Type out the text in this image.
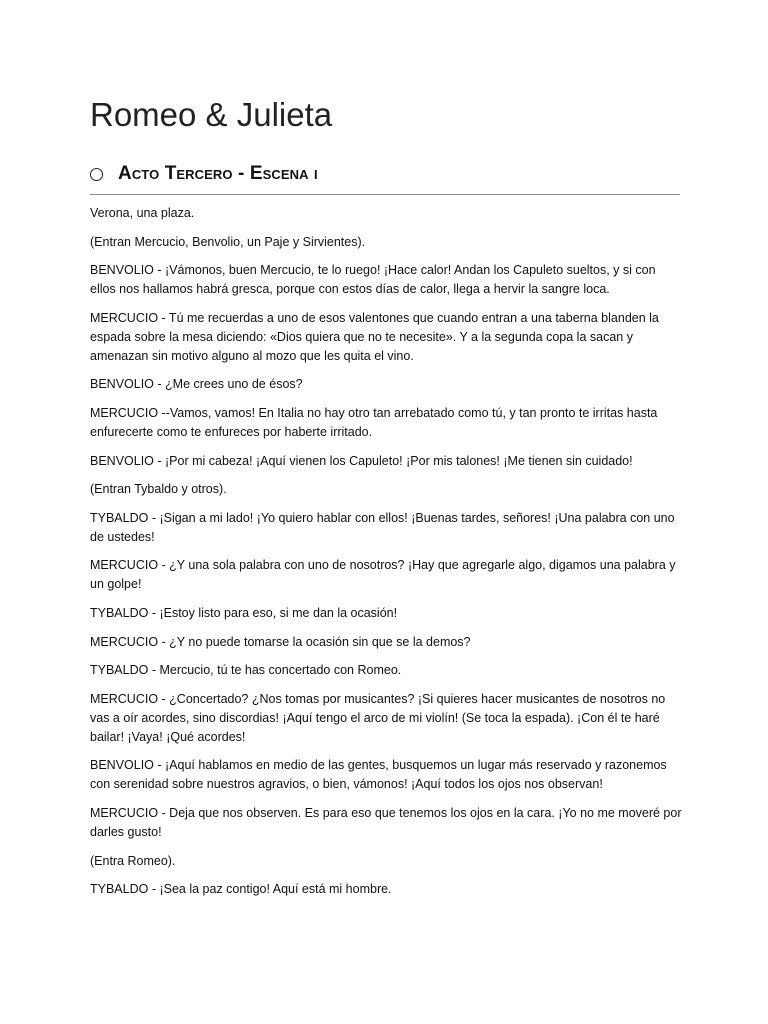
Romeo & Julieta
Acto Tercero - Escena i

Verona, una plaza.

(Entran Mercucio, Benvolio, un Paje y Sirvientes).

BENVOLIO - ¡Vámonos, buen Mercucio, te lo ruego! ¡Hace calor! Andan los Capuleto sueltos, y si con ellos nos hallamos habrá gresca, porque con estos días de calor, llega a hervir la sangre loca.

MERCUCIO - Tú me recuerdas a uno de esos valentones que cuando entran a una taberna blanden la espada sobre la mesa diciendo: «Dios quiera que no te necesite». Y a la segunda copa la sacan y amenazan sin motivo alguno al mozo que les quita el vino.

BENVOLIO - ¿Me crees uno de ésos?

MERCUCIO --Vamos, vamos! En Italia no hay otro tan arrebatado como tú, y tan pronto te irritas hasta enfurecerte como te enfureces por haberte irritado.

BENVOLIO - ¡Por mi cabeza! ¡Aquí vienen los Capuleto! ¡Por mis talones! ¡Me tienen sin cuidado!

(Entran Tybaldo y otros).

TYBALDO - ¡Sigan a mi lado! ¡Yo quiero hablar con ellos! ¡Buenas tardes, señores! ¡Una palabra con uno de ustedes!

MERCUCIO - ¿Y una sola palabra con uno de nosotros? ¡Hay que agregarle algo, digamos una palabra y un golpe!

TYBALDO - ¡Estoy listo para eso, si me dan la ocasión!

MERCUCIO - ¿Y no puede tomarse la ocasión sin que se la demos?

TYBALDO - Mercucio, tú te has concertado con Romeo.

MERCUCIO - ¿Concertado? ¿Nos tomas por musicantes? ¡Si quieres hacer musicantes de nosotros no vas a oír acordes, sino discordias! ¡Aquí tengo el arco de mi violín! (Se toca la espada). ¡Con él te haré bailar! ¡Vaya! ¡Qué acordes!

BENVOLIO - ¡Aquí hablamos en medio de las gentes, busquemos un lugar más reservado y razonemos con serenidad sobre nuestros agravios, o bien, vámonos! ¡Aquí todos los ojos nos observan!

MERCUCIO - Deja que nos observen. Es para eso que tenemos los ojos en la cara. ¡Yo no me moveré por darles gusto!

(Entra Romeo).

TYBALDO - ¡Sea la paz contigo! Aquí está mi hombre.
